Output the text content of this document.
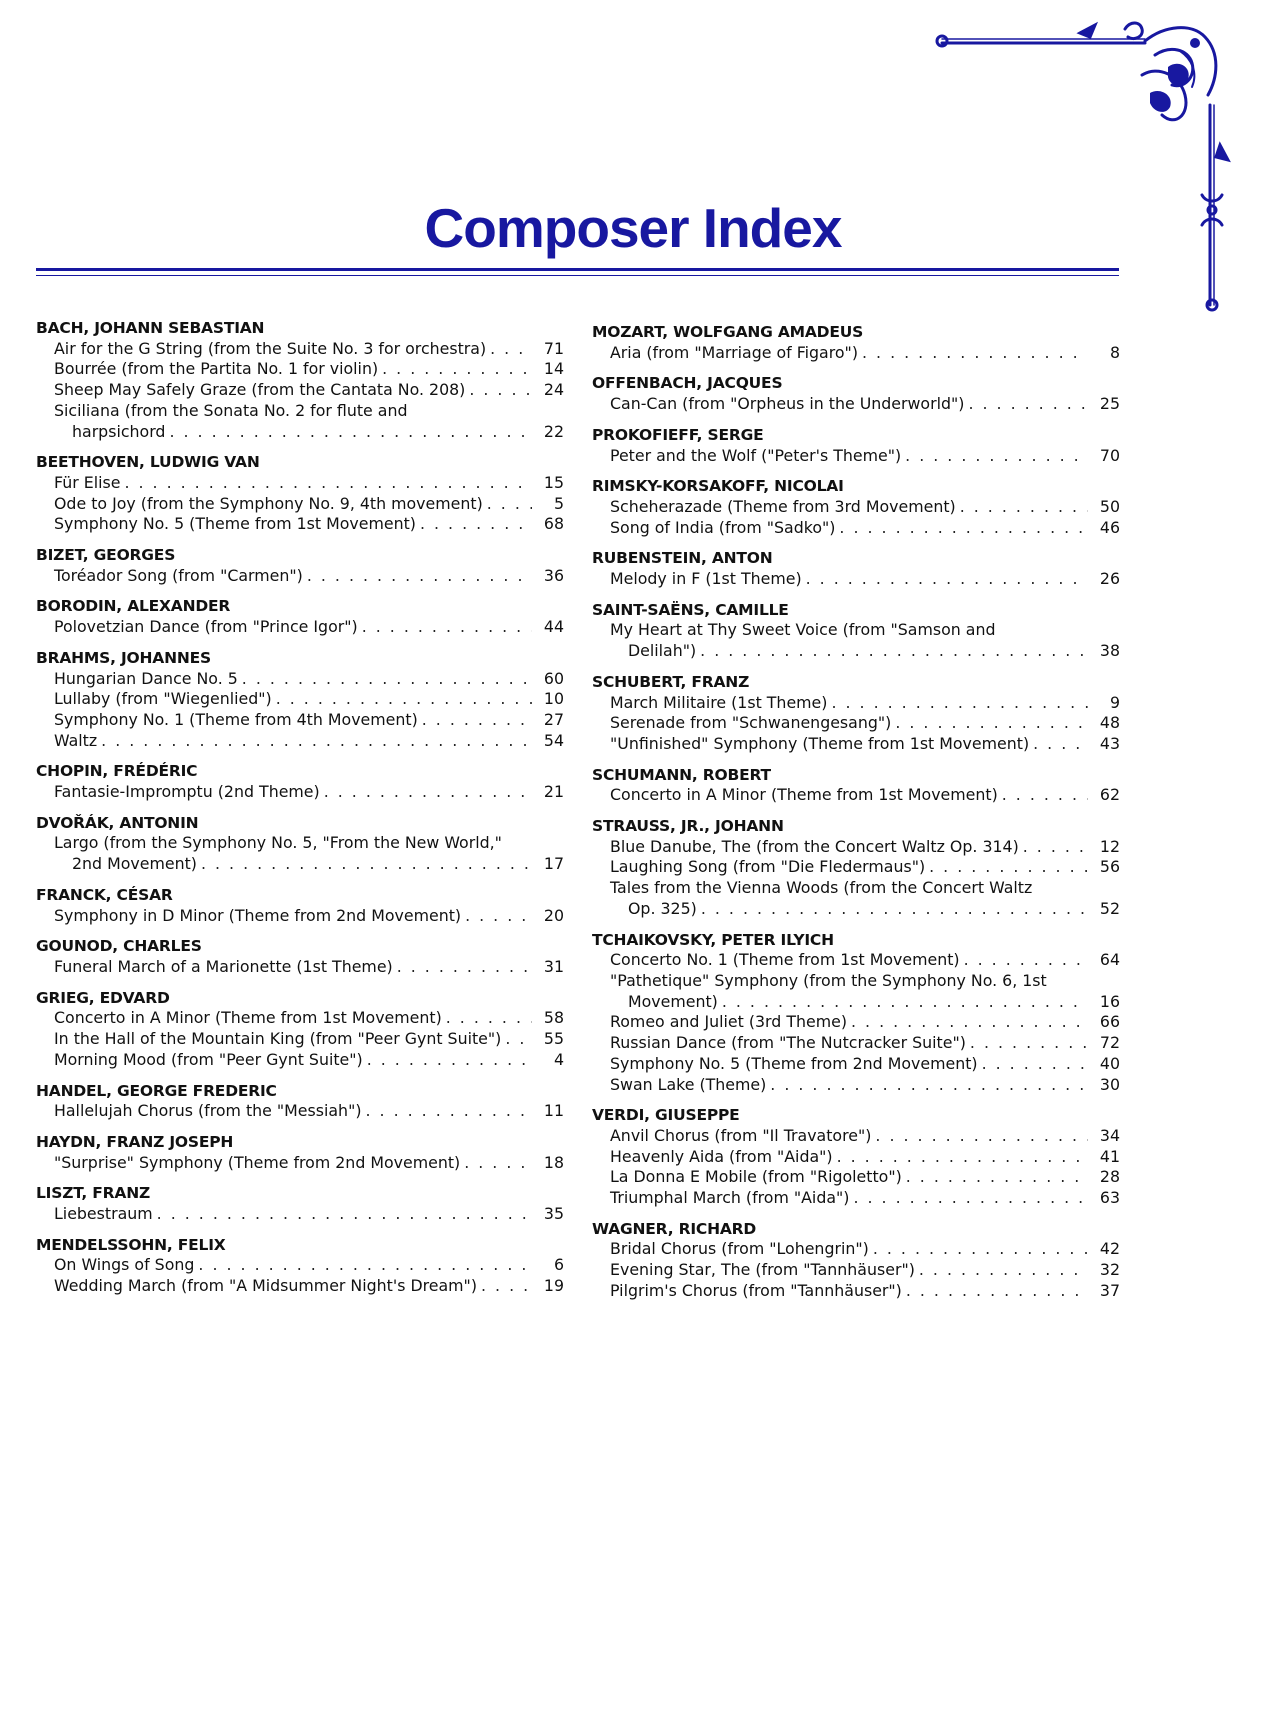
Composer Index
BACH, JOHANN SEBASTIAN
Air for the G String (from the Suite No. 3 for orchestra) . . .	71
Bourrée (from the Partita No. 1 for violin) . . .	14
Sheep May Safely Graze (from the Cantata No. 208) . . .	24
Siciliana (from the Sonata No. 2 for flute and
harpsichord . . .	22
BEETHOVEN, LUDWIG VAN
Für Elise . . .	15
Ode to Joy (from the Symphony No. 9, 4th movement) . . .	5
Symphony No. 5 (Theme from 1st Movement) . . .	68
BIZET, GEORGES
Toréador Song (from "Carmen") . . .	36
BORODIN, ALEXANDER
Polovetzian Dance (from "Prince Igor") . . .	44
BRAHMS, JOHANNES
Hungarian Dance No. 5 . . .	60
Lullaby (from "Wiegenlied") . . .	10
Symphony No. 1 (Theme from 4th Movement) . . .	27
Waltz . . .	54
CHOPIN, FRÉDÉRIC
Fantasie-Impromptu (2nd Theme) . . .	21
DVOŘÁK, ANTONIN
Largo (from the Symphony No. 5, "From the New World,"
2nd Movement) . . .	17
FRANCK, CÉSAR
Symphony in D Minor (Theme from 2nd Movement) . . .	20
GOUNOD, CHARLES
Funeral March of a Marionette (1st Theme) . . .	31
GRIEG, EDVARD
Concerto in A Minor (Theme from 1st Movement) . . .	58
In the Hall of the Mountain King (from "Peer Gynt Suite") . . .	55
Morning Mood (from "Peer Gynt Suite") . . .	4
HANDEL, GEORGE FREDERIC
Hallelujah Chorus (from the "Messiah") . . .	11
HAYDN, FRANZ JOSEPH
"Surprise" Symphony (Theme from 2nd Movement) . . .	18
LISZT, FRANZ
Liebestraum . . .	35
MENDELSSOHN, FELIX
On Wings of Song . . .	6
Wedding March (from "A Midsummer Night's Dream") . . .	19
MOZART, WOLFGANG AMADEUS
Aria (from "Marriage of Figaro") . . .	8
OFFENBACH, JACQUES
Can-Can (from "Orpheus in the Underworld") . . .	25
PROKOFIEFF, SERGE
Peter and the Wolf ("Peter's Theme") . . .	70
RIMSKY-KORSAKOFF, NICOLAI
Scheherazade (Theme from 3rd Movement) . . .	50
Song of India (from "Sadko") . . .	46
RUBENSTEIN, ANTON
Melody in F (1st Theme) . . .	26
SAINT-SAËNS, CAMILLE
My Heart at Thy Sweet Voice (from "Samson and
Delilah") . . .	38
SCHUBERT, FRANZ
March Militaire (1st Theme) . . .	9
Serenade from "Schwanengesang") . . .	48
"Unfinished" Symphony (Theme from 1st Movement) . . .	43
SCHUMANN, ROBERT
Concerto in A Minor (Theme from 1st Movement) . . .	62
STRAUSS, JR., JOHANN
Blue Danube, The (from the Concert Waltz Op. 314) . . .	12
Laughing Song (from "Die Fledermaus") . . .	56
Tales from the Vienna Woods (from the Concert Waltz
Op. 325) . . .	52
TCHAIKOVSKY, PETER ILYICH
Concerto No. 1 (Theme from 1st Movement) . . .	64
"Pathetique" Symphony (from the Symphony No. 6, 1st
Movement) . . .	16
Romeo and Juliet (3rd Theme) . . .	66
Russian Dance (from "The Nutcracker Suite") . . .	72
Symphony No. 5 (Theme from 2nd Movement) . . .	40
Swan Lake (Theme) . . .	30
VERDI, GIUSEPPE
Anvil Chorus (from "Il Travatore") . . .	34
Heavenly Aida (from "Aida") . . .	41
La Donna E Mobile (from "Rigoletto") . . .	28
Triumphal March (from "Aida") . . .	63
WAGNER, RICHARD
Bridal Chorus (from "Lohengrin") . . .	42
Evening Star, The (from "Tannhäuser") . . .	32
Pilgrim's Chorus (from "Tannhäuser") . . .	37
